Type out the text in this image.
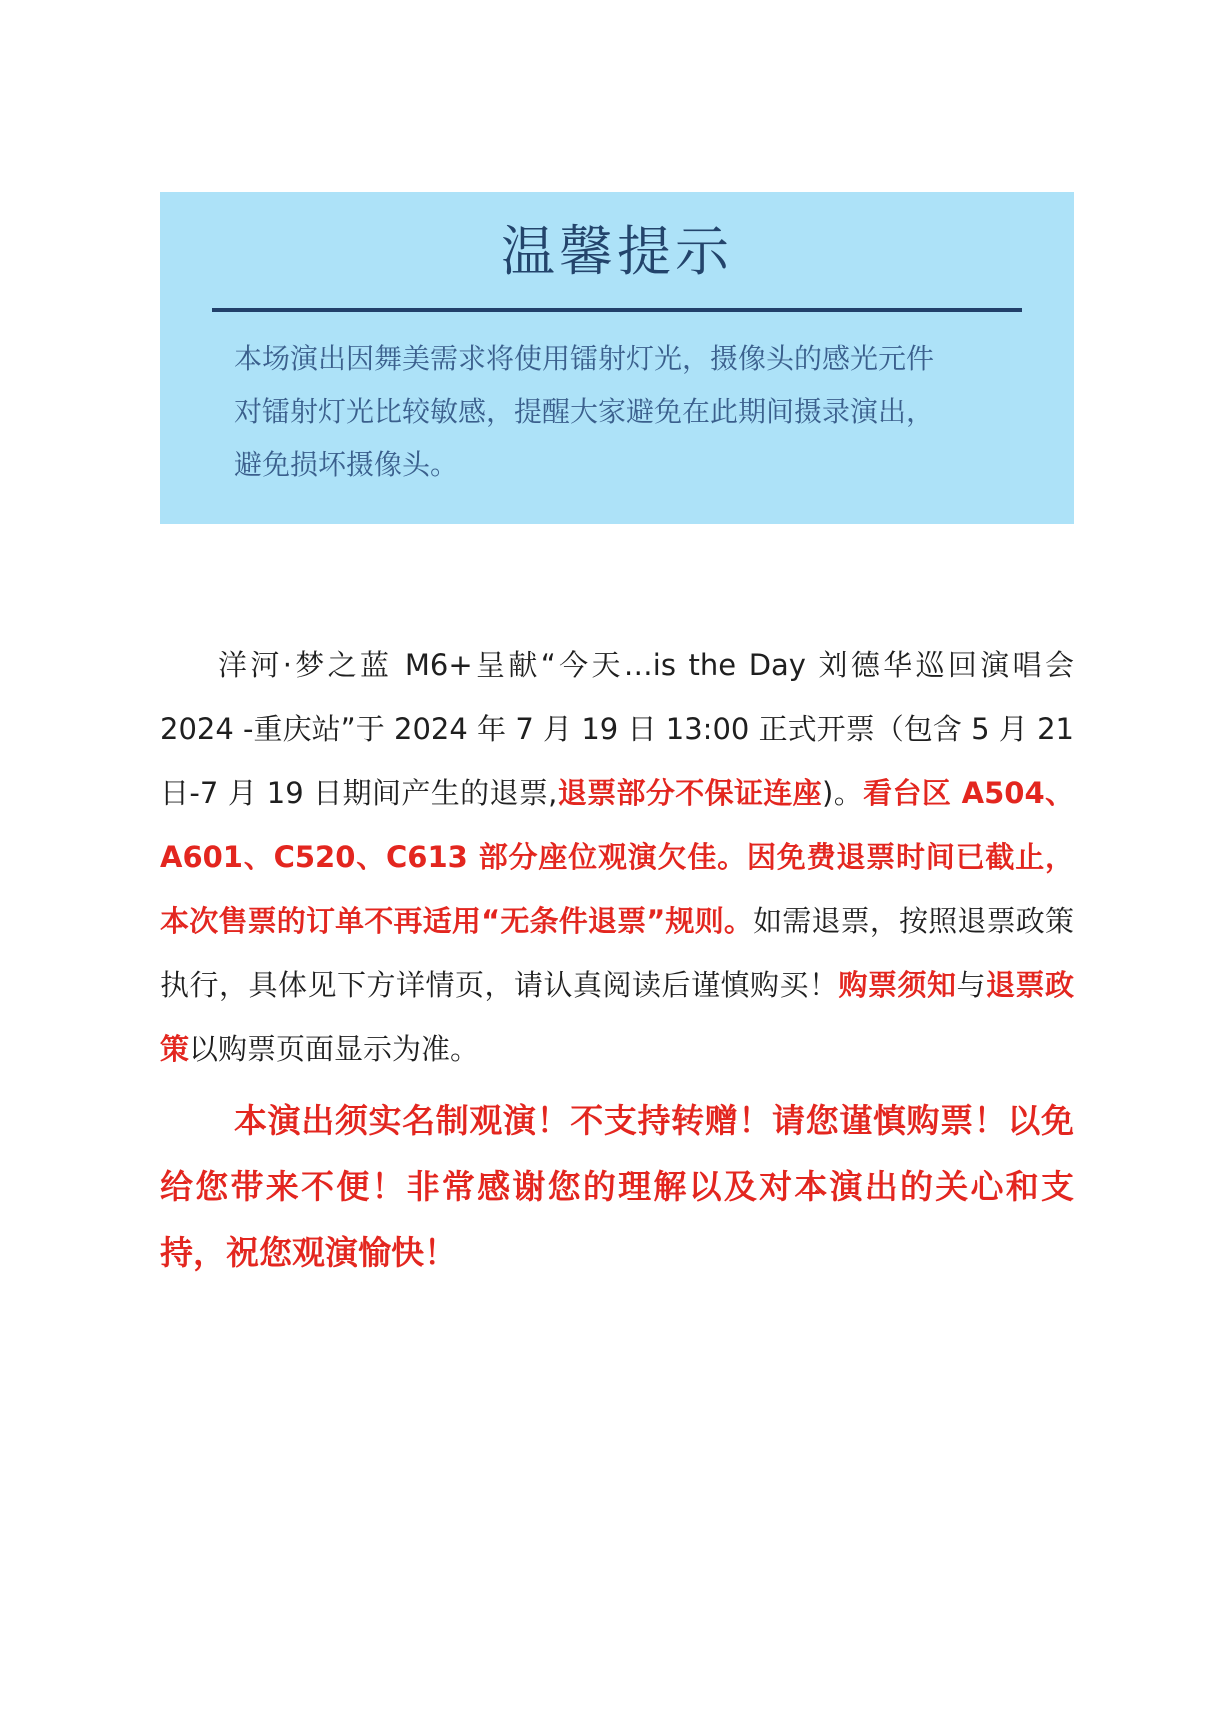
温馨提示
本场演出因舞美需求将使用镭射灯光，摄像头的感光元件
对镭射灯光比较敏感，提醒大家避免在此期间摄录演出，
避免损坏摄像头。

洋河·梦之蓝 M6+呈献“今天…is the Day 刘德华巡回演唱会 2024 -重庆站”于 2024 年 7 月 19 日 13:00 正式开票（包含 5 月 21 日-7 月 19 日期间产生的退票,退票部分不保证连座)。看台区 A504、A601、C520、C613 部分座位观演欠佳。因免费退票时间已截止，本次售票的订单不再适用“无条件退票”规则。如需退票，按照退票政策执行，具体见下方详情页，请认真阅读后谨慎购买！购票须知与退票政策以购票页面显示为准。

本演出须实名制观演！不支持转赠！请您谨慎购票！以免给您带来不便！非常感谢您的理解以及对本演出的关心和支持，祝您观演愉快！
